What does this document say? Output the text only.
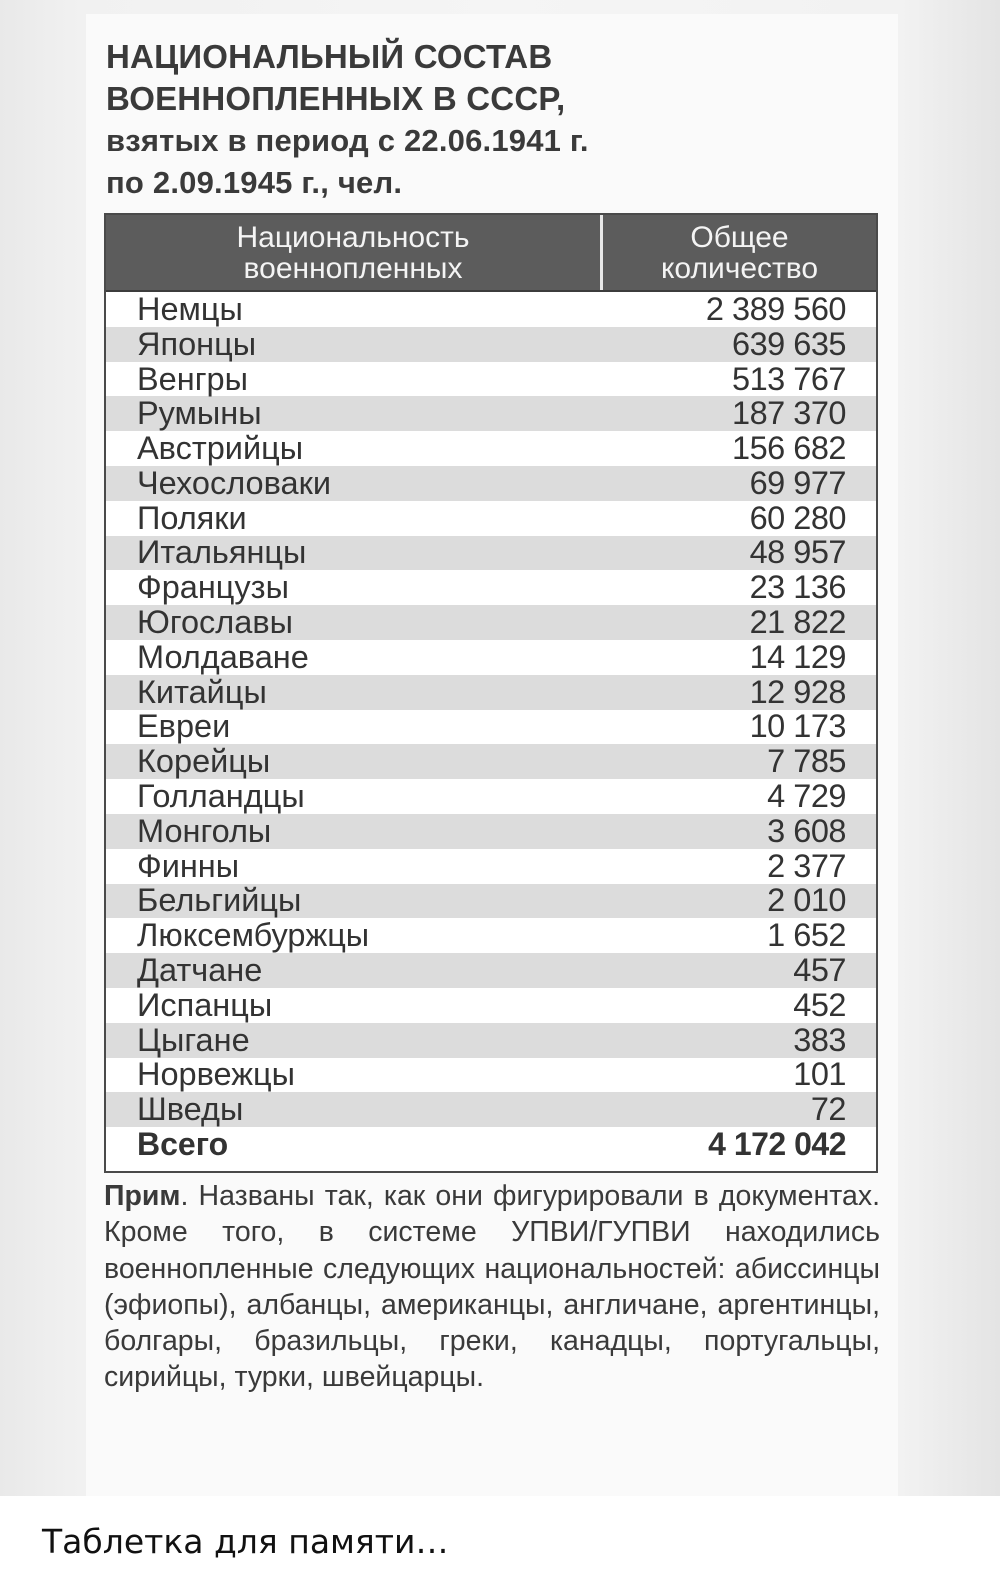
НАЦИОНАЛЬНЫЙ СОСТАВ
ВОЕННОПЛЕННЫХ В СССР,
взятых в период с 22.06.1941 г.
по 2.09.1945 г., чел.
Национальность
военнопленных
Общее
количество
Немцы	2 389 560
Японцы	639 635
Венгры	513 767
Румыны	187 370
Австрийцы	156 682
Чехословаки	69 977
Поляки	60 280
Итальянцы	48 957
Французы	23 136
Югославы	21 822
Молдаване	14 129
Китайцы	12 928
Евреи	10 173
Корейцы	7 785
Голландцы	4 729
Монголы	3 608
Финны	2 377
Бельгийцы	2 010
Люксембуржцы	1 652
Датчане	457
Испанцы	452
Цыгане	383
Норвежцы	101
Шведы	72
Всего	4 172 042
Прим. Названы так, как они фигурировали в документах. Кроме того, в системе УПВИ/ГУПВИ находились военнопленные следующих национальностей: абиссинцы (эфиопы), албанцы, американцы, англичане, аргентинцы, болгары, бразильцы, греки, канадцы, португальцы, сирийцы, турки, швейцарцы.
Таблетка для памяти…
